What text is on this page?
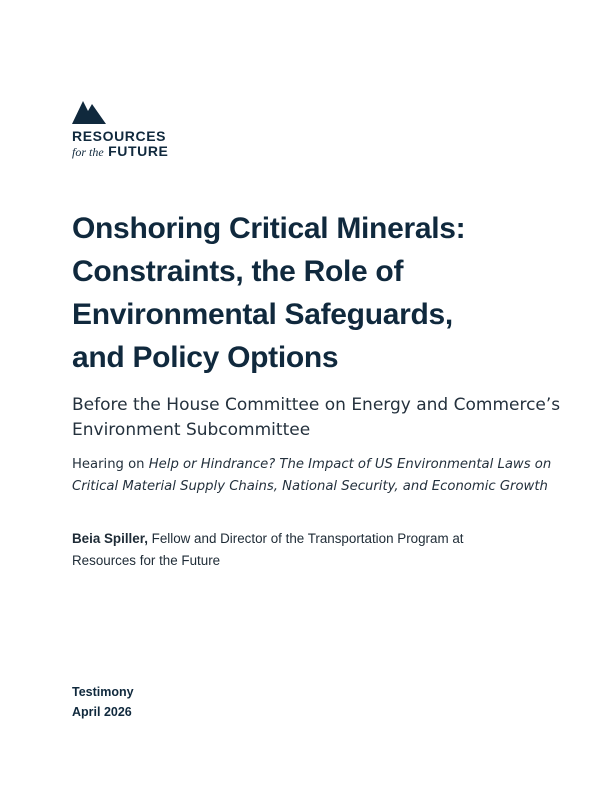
RESOURCES
for the FUTURE
Onshoring Critical Minerals:
Constraints, the Role of
Environmental Safeguards,
and Policy Options
Before the House Committee on Energy and Commerce’s
Environment Subcommittee
Hearing on Help or Hindrance? The Impact of US Environmental Laws on
Critical Material Supply Chains, National Security, and Economic Growth
Beia Spiller, Fellow and Director of the Transportation Program at
Resources for the Future
Testimony
April 2026
